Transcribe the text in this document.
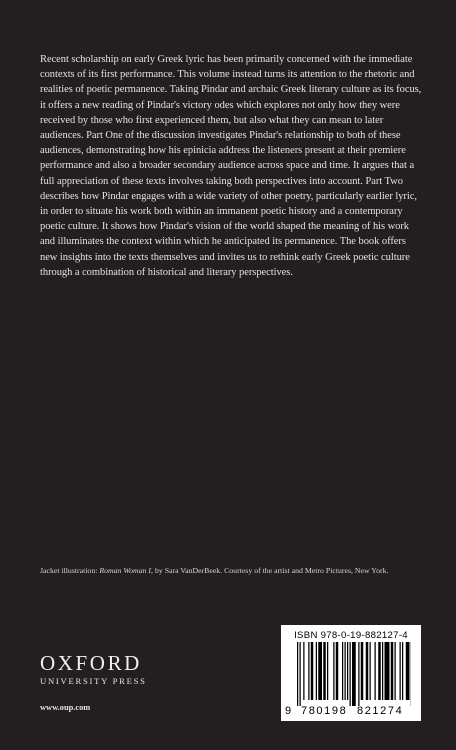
Recent scholarship on early Greek lyric has been primarily concerned with the immediate contexts of its first performance. This volume instead turns its attention to the rhetoric and realities of poetic permanence. Taking Pindar and archaic Greek literary culture as its focus, it offers a new reading of Pindar's victory odes which explores not only how they were received by those who first experienced them, but also what they can mean to later audiences. Part One of the discussion investigates Pindar's relationship to both of these audiences, demonstrating how his epinicia address the listeners present at their premiere performance and also a broader secondary audience across space and time. It argues that a full appreciation of these texts involves taking both perspectives into account. Part Two describes how Pindar engages with a wide variety of other poetry, particularly earlier lyric, in order to situate his work both within an immanent poetic history and a contemporary poetic culture. It shows how Pindar's vision of the world shaped the meaning of his work and illuminates the context within which he anticipated its permanence. The book offers new insights into the texts themselves and invites us to rethink early Greek poetic culture through a combination of historical and literary perspectives.

Jacket illustration: Roman Woman I, by Sara VanDerBeek. Courtesy of the artist and Metro Pictures, New York.
OXFORD
UNIVERSITY PRESS
www.oup.com
ISBN 978-0-19-882127-4
9 780198 821274
